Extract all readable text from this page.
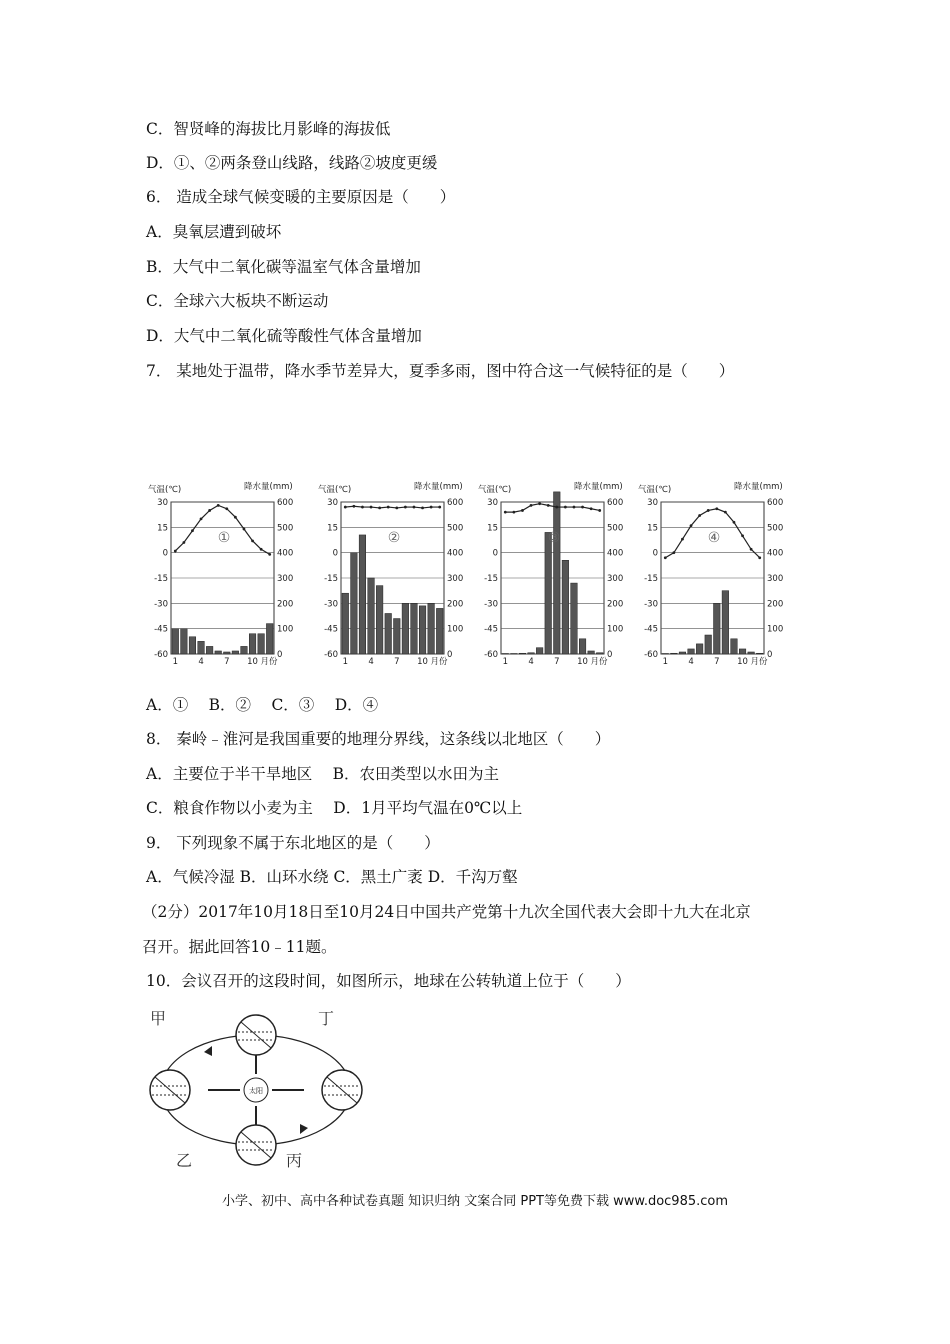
C．智贤峰的海拔比月影峰的海拔低
D．①、②两条登山线路，线路②坡度更缓
6． 造成全球气候变暖的主要原因是（　　）
A．臭氧层遭到破坏
B．大气中二氧化碳等温室气体含量增加
C．全球六大板块不断运动
D．大气中二氧化硫等酸性气体含量增加
7． 某地处于温带，降水季节差异大，夏季多雨，图中符合这一气候特征的是（　　）
气温(℃)	降水量(mm)
30
15
0
-15
-30
-45
-60
600
500
400
300
200
100
0
①
1 4 7 10 月份
气温(℃)	降水量(mm)
30
15
0
-15
-30
-45
-60
600
500
400
300
200
100
0
②
1 4 7 10 月份
气温(℃)	降水量(mm)
30
15
0
-15
-30
-45
-60
600
500
400
300
200
100
0
③
1 4 7 10 月份
气温(℃)	降水量(mm)
30
15
0
-15
-30
-45
-60
600
500
400
300
200
100
0
④
1 4 7 10 月份
A．①　 B．②　 C．③　 D．④
8． 秦岭﹣淮河是我国重要的地理分界线，这条线以北地区（　　）
A．主要位于半干旱地区　 B．农田类型以水田为主
C．粮食作物以小麦为主　 D．1月平均气温在0℃以上
9． 下列现象不属于东北地区的是（　　）
A．气候冷湿 B．山环水绕 C．黑土广袤 D．千沟万壑
（2分）2017年10月18日至10月24日中国共产党第十九次全国代表大会即十九大在北京
召开。据此回答10﹣11题。
10．会议召开的这段时间，如图所示，地球在公转轨道上位于（　　）
太阳
甲	丁
乙	丙
小学、初中、高中各种试卷真题 知识归纳 文案合同 PPT等免费下载 www.doc985.com
